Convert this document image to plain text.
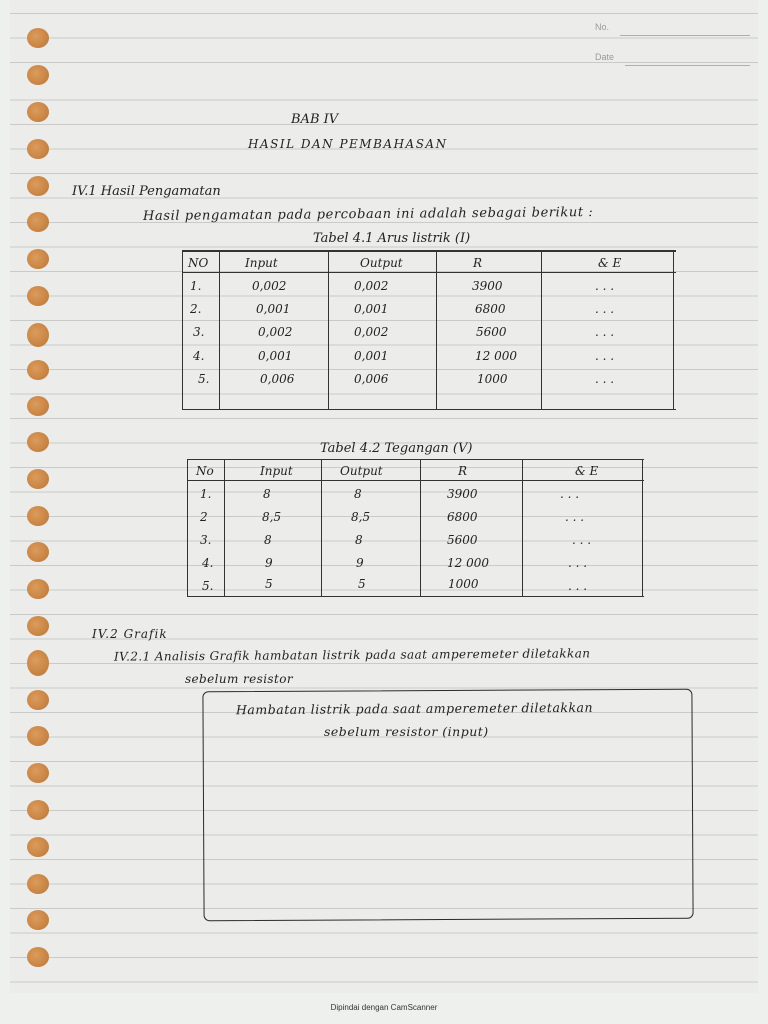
No.
Date
BAB IV
HASIL DAN PEMBAHASAN
IV.1 Hasil Pengamatan
Hasil pengamatan pada percobaan ini adalah sebagai berikut :
Tabel 4.1 Arus listrik (I)
NO	Input	Output	R	& E
1.	0,002	0,002	3900	. . .
2.	0,001	0,001	6800	. . .
3.	0,002	0,002	5600	. . .
4.	0,001	0,001	12 000	. . .
5.	0,006	0,006	1000	. . .
Tabel 4.2 Tegangan (V)
No	Input	Output	R	& E
1.	8	8	3900	. . .
2	8,5	8,5	6800	. . .
3.	8	8	5600	. . .
4.	9	9	12 000	. . .
5.	5	5	1000	. . .
IV.2 Grafik
IV.2.1 Analisis Grafik hambatan listrik pada saat amperemeter diletakkan
sebelum resistor
Hambatan listrik pada saat amperemeter diletakkan
sebelum resistor (input)
Dipindai dengan CamScanner
